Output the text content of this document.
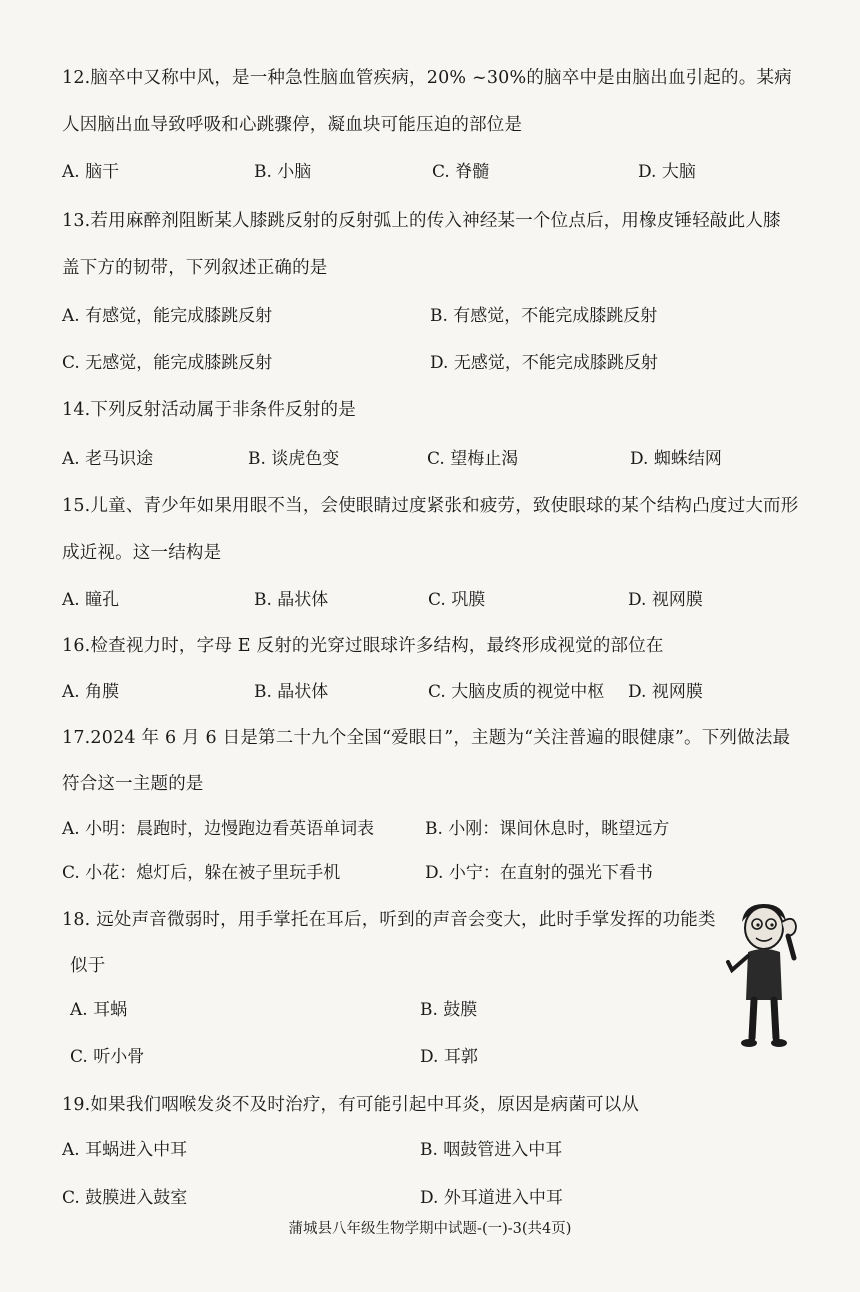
12.脑卒中又称中风，是一种急性脑血管疾病，20% ~30%的脑卒中是由脑出血引起的。某病
人因脑出血导致呼吸和心跳骤停，凝血块可能压迫的部位是
A. 脑干	B. 小脑	C. 脊髓	D. 大脑
13.若用麻醉剂阻断某人膝跳反射的反射弧上的传入神经某一个位点后，用橡皮锤轻敲此人膝
盖下方的韧带，下列叙述正确的是
A. 有感觉，能完成膝跳反射	B. 有感觉，不能完成膝跳反射
C. 无感觉，能完成膝跳反射	D. 无感觉，不能完成膝跳反射
14.下列反射活动属于非条件反射的是
A. 老马识途	B. 谈虎色变	C. 望梅止渴	D. 蜘蛛结网
15.儿童、青少年如果用眼不当，会使眼睛过度紧张和疲劳，致使眼球的某个结构凸度过大而形
成近视。这一结构是
A. 瞳孔	B. 晶状体	C. 巩膜	D. 视网膜
16.检查视力时，字母 E 反射的光穿过眼球许多结构，最终形成视觉的部位在
A. 角膜	B. 晶状体	C. 大脑皮质的视觉中枢 D. 视网膜
17.2024 年 6 月 6 日是第二十九个全国“爱眼日”，主题为“关注普遍的眼健康”。下列做法最
符合这一主题的是
A. 小明：晨跑时，边慢跑边看英语单词表	B. 小刚：课间休息时，眺望远方
C. 小花：熄灯后，躲在被子里玩手机	D. 小宁：在直射的强光下看书
18. 远处声音微弱时，用手掌托在耳后，听到的声音会变大，此时手掌发挥的功能类
似于
A. 耳蜗	B. 鼓膜
C. 听小骨	D. 耳郭
19.如果我们咽喉发炎不及时治疗，有可能引起中耳炎，原因是病菌可以从
A. 耳蜗进入中耳	B. 咽鼓管进入中耳
C. 鼓膜进入鼓室	D. 外耳道进入中耳
蒲城县八年级生物学期中试题-(一)-3(共4页)
